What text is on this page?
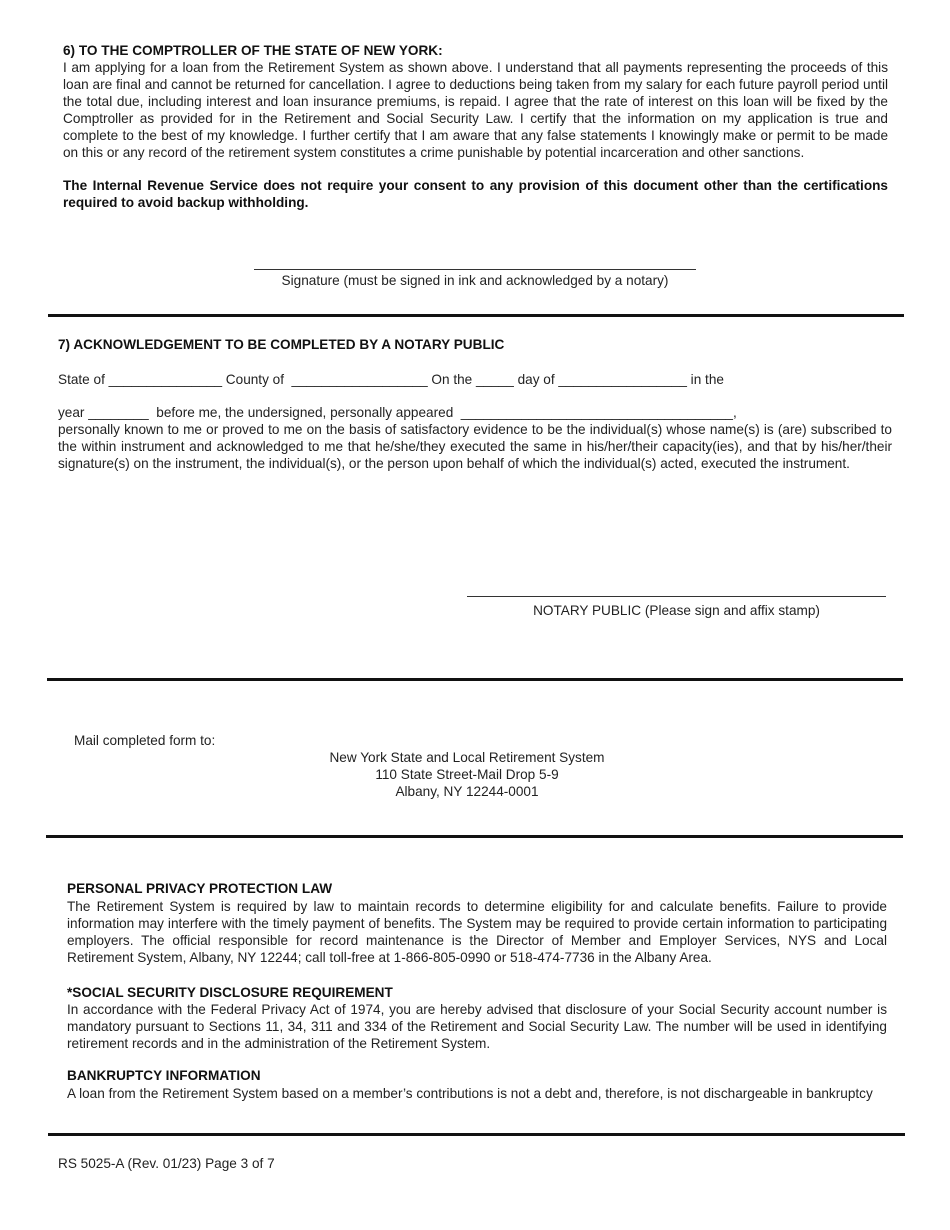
6) TO THE COMPTROLLER OF THE STATE OF NEW YORK:
I am applying for a loan from the Retirement System as shown above. I understand that all payments representing the proceeds of this loan are final and cannot be returned for cancellation. I agree to deductions being taken from my salary for each future payroll period until the total due, including interest and loan insurance premiums, is repaid. I agree that the rate of interest on this loan will be fixed by the Comptroller as provided for in the Retirement and Social Security Law. I certify that the information on my application is true and complete to the best of my knowledge. I further certify that I am aware that any false statements I knowingly make or permit to be made on this or any record of the retirement system constitutes a crime punishable by potential incarceration and other sanctions.
The Internal Revenue Service does not require your consent to any provision of this document other than the certifications required to avoid backup withholding.
Signature (must be signed in ink and acknowledged by a notary)
7) ACKNOWLEDGEMENT TO BE COMPLETED BY A NOTARY PUBLIC
State of _______________ County of  __________________ On the _____ day of _________________ in the
year ________  before me, the undersigned, personally appeared  ____________________________________,
personally known to me or proved to me on the basis of satisfactory evidence to be the individual(s) whose name(s) is (are) subscribed to the within instrument and acknowledged to me that he/she/they executed the same in his/her/their capacity(ies), and that by his/her/their signature(s) on the instrument, the individual(s), or the person upon behalf of which the individual(s) acted, executed the instrument.
NOTARY PUBLIC (Please sign and affix stamp)
Mail completed form to:
New York State and Local Retirement System
110 State Street-Mail Drop 5-9
Albany, NY 12244-0001
PERSONAL PRIVACY PROTECTION LAW
The Retirement System is required by law to maintain records to determine eligibility for and calculate benefits. Failure to provide information may interfere with the timely payment of benefits. The System may be required to provide certain information to participating employers. The official responsible for record maintenance is the Director of Member and Employer Services, NYS and Local Retirement System, Albany, NY 12244; call toll-free at 1-866-805-0990 or 518-474-7736 in the Albany Area.
*SOCIAL SECURITY DISCLOSURE REQUIREMENT
In accordance with the Federal Privacy Act of 1974, you are hereby advised that disclosure of your Social Security account number is mandatory pursuant to Sections 11, 34, 311 and 334 of the Retirement and Social Security Law. The number will be used in identifying retirement records and in the administration of the Retirement System.
BANKRUPTCY INFORMATION
A loan from the Retirement System based on a member’s contributions is not a debt and, therefore, is not dischargeable in bankruptcy
RS 5025-A (Rev. 01/23) Page 3 of 7
